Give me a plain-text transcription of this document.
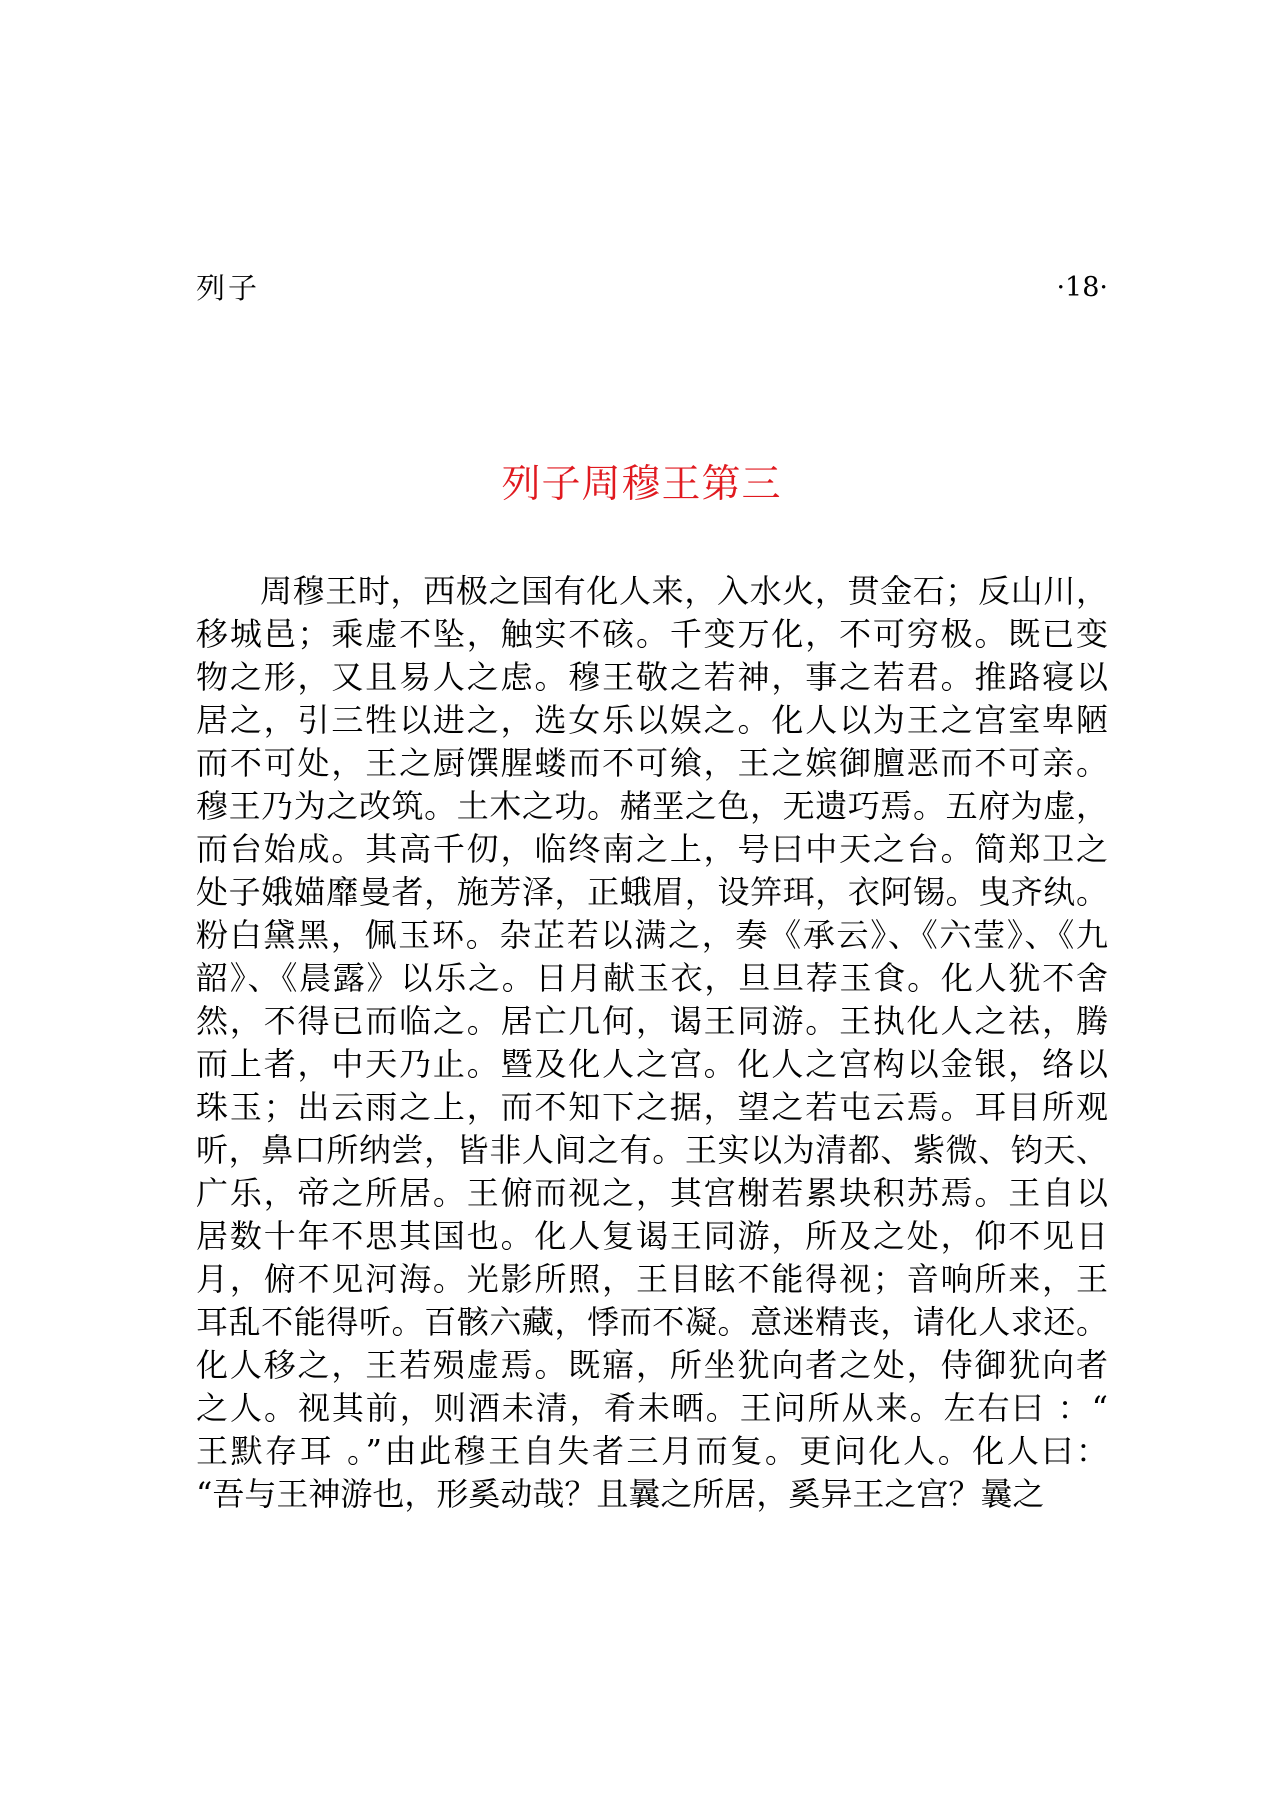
列子	·18·
列子周穆王第三
周穆王时，西极之国有化人来，入水火，贯金石；反山川，
移城邑；乘虚不坠，触实不硋。千变万化，不可穷极。既已变
物之形，又且易人之虑。穆王敬之若神，事之若君。推路寝以
居之，引三牲以进之，选女乐以娱之。化人以为王之宫室卑陋
而不可处，王之厨馔腥蝼而不可飨，王之嫔御膻恶而不可亲。
穆王乃为之改筑。土木之功。赭垩之色，无遗巧焉。五府为虚，
而台始成。其高千仞，临终南之上，号曰中天之台。简郑卫之
处子娥媌靡曼者，施芳泽，正蛾眉，设笄珥，衣阿锡。曳齐纨。
粉白黛黑，佩玉环。杂芷若以满之，奏《承云》、《六莹》、《九
韶》、《晨露》以乐之。日月献玉衣，旦旦荐玉食。化人犹不舍
然，不得已而临之。居亡几何，谒王同游。王执化人之祛，腾
而上者，中天乃止。暨及化人之宫。化人之宫构以金银，络以
珠玉；出云雨之上，而不知下之据，望之若屯云焉。耳目所观
听，鼻口所纳尝，皆非人间之有。王实以为清都、紫微、钧天、
广乐，帝之所居。王俯而视之，其宫榭若累块积苏焉。王自以
居数十年不思其国也。化人复谒王同游，所及之处，仰不见日
月，俯不见河海。光影所照，王目眩不能得视；音响所来，王
耳乱不能得听。百骸六藏，悸而不凝。意迷精丧，请化人求还。
化人移之，王若殒虚焉。既寤，所坐犹向者之处，侍御犹向者
之人。视其前，则酒未清，肴未晒。王问所从来。左右曰 ：“
王默存耳 。”由此穆王自失者三月而复。更问化人。化人曰：
“吾与王神游也，形奚动哉？且曩之所居，奚异王之宫？曩之
